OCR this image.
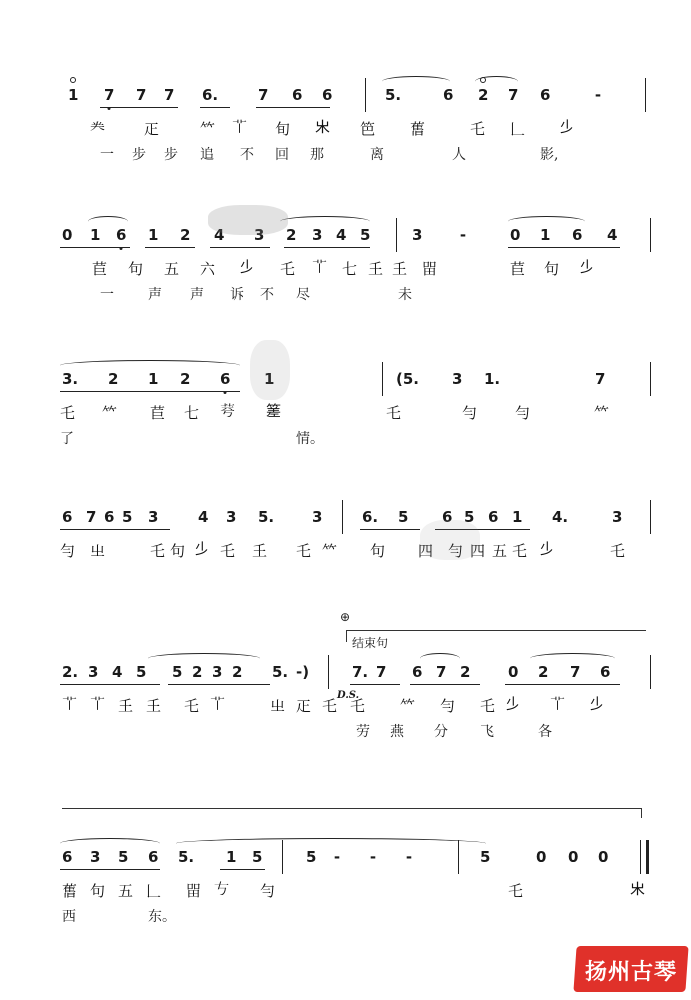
1 7 7 7 6.	7 6 6	5.	6 2 7 6	-
龹	𤴓	𥫗 𦫳 旬 𣎵 笆 𦾔	乇 𠃊 𣥂
一 步 步 追 不 回 那	离	人	影,
0 1 6 1 2 4 3 2 3 4 5	3 -	0 1 6 4
苣 句 五 六 𣥂 乇 𦫳 七 𡈼 𡈼 㽞	苣 句 𣥂
一 声 声 诉 不 尽	未
3. 2 1 2 6 1	(5. 3 1.	7
乇 𥫗 苣 七 𦭃 𥰭	乇	勻 勻	𥫗
了	情。
6 7 6 5 3	4 3 5.	3	6. 5 6 5 6 1 4.	3
勻 㞢	乇 句 𣥂 乇 𡈼 乇 𥫗 句 四 勻 四 五 乇 𣥂	乇
⊕
结束句
2. 3 4 5 5 2 3 2 5. -)	7. 7 6 7 2	0 2 7 6
𦫳 𦫳 𡈼 𡈼 乇 𦫳	㞢 𤴓 乇 乇 𥫗 勻 乇 𣥂 𦫳 𣥂
劳 燕 分 飞	各
D.S.
6 3 5 6 5. 1 5	5 - - -	5	0 0 0
𦾔 句 五 𠃊 㽞 𠀁 勻	乇	𣎵
西	东。
扬州古琴
